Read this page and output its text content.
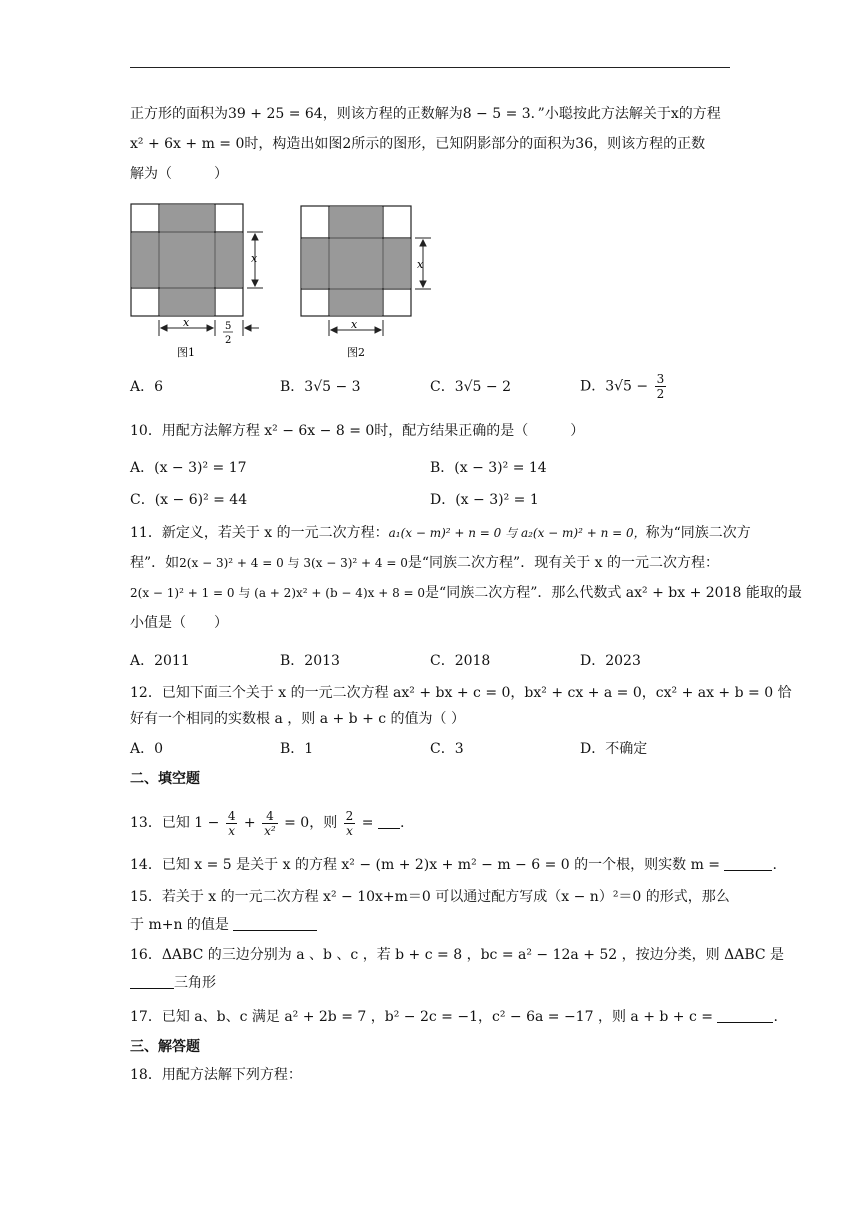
正方形的面积为39 + 25 = 64，则该方程的正数解为8 − 5 = 3．”小聪按此方法解关于x的方程
x² + 6x + m = 0时，构造出如图2所示的图形，已知阴影部分的面积为36，则该方程的正数
解为（　　　）
x
x	5
2
图1
x
x
图2
A．6	B．3√5 − 3	C．3√5 − 2	D．$3√5 - \frac{3}{2}$
10．用配方法解方程 x² − 6x − 8 = 0时，配方结果正确的是（　　　）
A．(x − 3)² = 17	B．(x − 3)² = 14
C．(x − 6)² = 44	D．(x − 3)² = 1
11．新定义，若关于 x 的一元二次方程：a₁(x − m)² + n = 0 与 a₂(x − m)² + n = 0，称为“同族二次方
程”．如2(x − 3)² + 4 = 0 与 3(x − 3)² + 4 = 0是“同族二次方程”．现有关于 x 的一元二次方程：
2(x − 1)² + 1 = 0 与 (a + 2)x² + (b − 4)x + 8 = 0是“同族二次方程”．那么代数式 ax² + bx + 2018 能取的最
小值是（　　）
A．2011	B．2013	C．2018	D．2023
12．已知下面三个关于 x 的一元二次方程 ax² + bx + c = 0，bx² + cx + a = 0，cx² + ax + b = 0 恰
好有一个相同的实数根 a ，则 a + b + c 的值为（ ）
A．0	B．1	C．3	D．不确定
二、填空题
13．已知 $1 - \frac{4}{x} + \frac{4}{\text{x²}} = 0$，则 $\frac{2}{x}$ = .
14．已知 x = 5 是关于 x 的方程 x² − (m + 2)x + m² − m − 6 = 0 的一个根，则实数 m =	.
15．若关于 x 的一元二次方程 x² − 10x+m＝0 可以通过配方写成（x − n）²＝0 的形式，那么
于 m+n 的值是
16．ΔABC 的三边分别为 a 、b 、c ，若 b + c = 8 ，bc = a² − 12a + 52 ，按边分类，则 ΔABC 是
三角形
17．已知 a、b、c 满足 a² + 2b = 7 ，b² − 2c = −1，c² − 6a = −17 ，则 a + b + c =	.
三、解答题
18．用配方法解下列方程：
